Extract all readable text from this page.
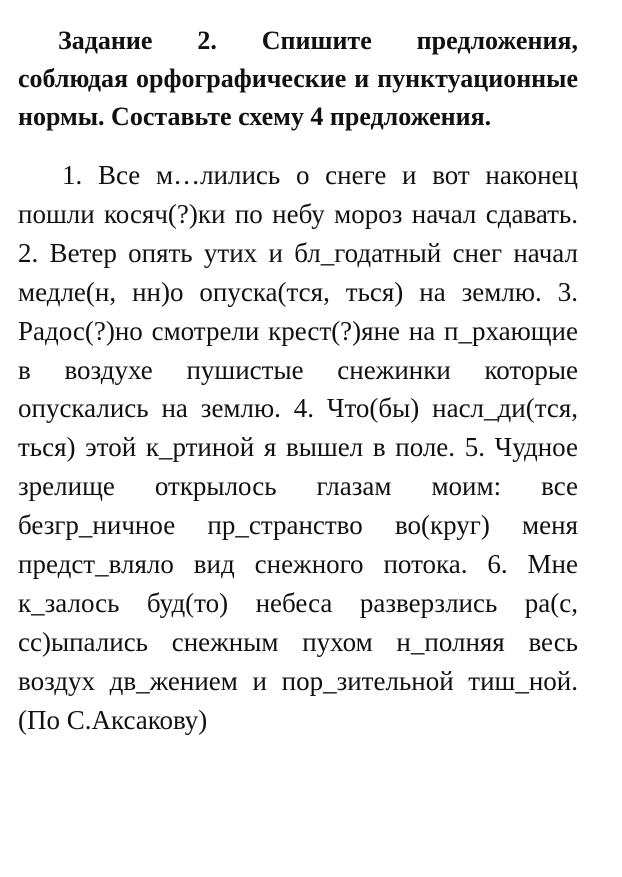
Задание 2. Спишите предложения, соблюдая орфографические и пунктуационные нормы. Составьте схему 4 предложения.

1. Все м…лились о снеге и вот наконец пошли косяч(?)ки по небу мороз начал сдавать. 2. Ветер опять утих и бл_годатный снег начал медле(н, нн)о опуска(тся, ться) на землю. 3. Радос(?)но смотрели крест(?)яне на п_рхающие в воздухе пушистые снежинки которые опускались на землю. 4. Что(бы) насл_ди(тся, ться) этой к_ртиной я вышел в поле. 5. Чудное зрелище открылось глазам моим: все безгр_ничное пр_странство во(круг) меня предст_вляло вид снежного потока. 6. Мне к_залось буд(то) небеса разверзлись ра(с, сс)ыпались снежным пухом н_полняя весь воздух дв_жением и пор_зительной тиш_ной. (По С.Аксакову)
